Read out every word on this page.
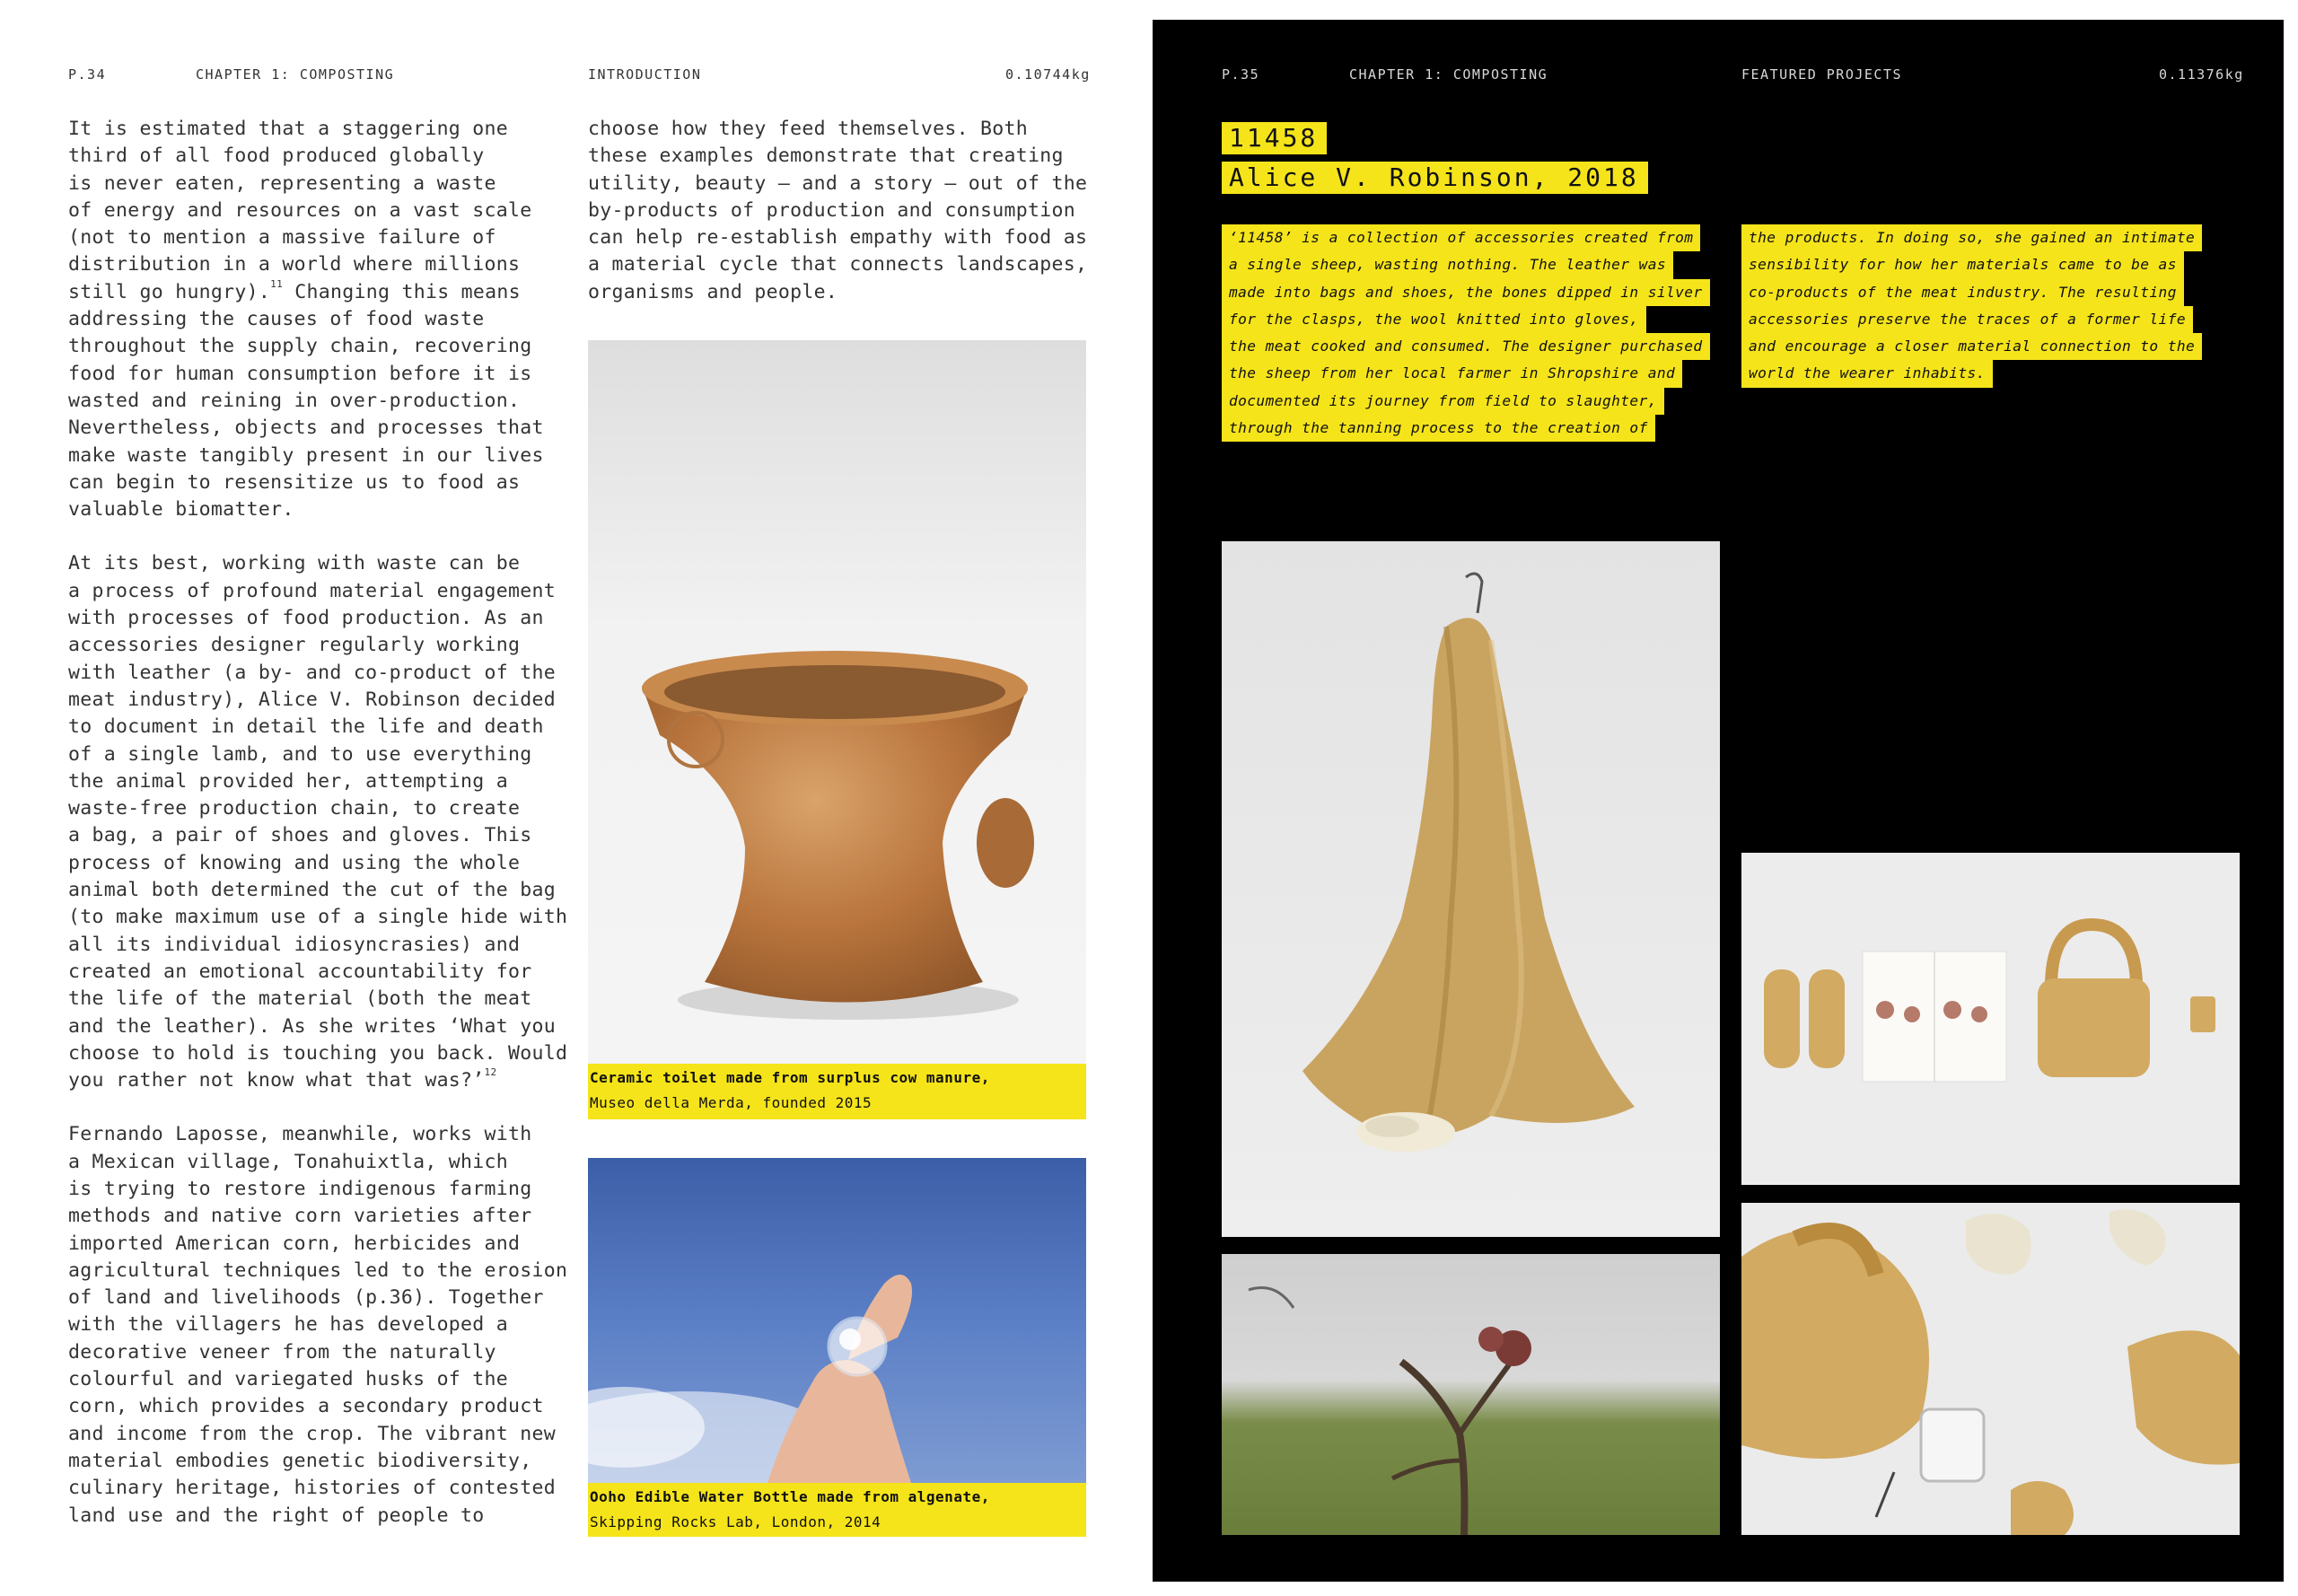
P.34	CHAPTER 1: COMPOSTING	INTRODUCTION	0.10744kg

It is estimated that a staggering one
third of all food produced globally
is never eaten, representing a waste
of energy and resources on a vast scale
(not to mention a massive failure of
distribution in a world where millions
still go hungry).$^{11}$ Changing this means
addressing the causes of food waste
throughout the supply chain, recovering
food for human consumption before it is
wasted and reining in over-production.
Nevertheless, objects and processes that
make waste tangibly present in our lives
can begin to resensitize us to food as
valuable biomatter.

At its best, working with waste can be
a process of profound material engagement
with processes of food production. As an
accessories designer regularly working
with leather (a by- and co-product of the
meat industry), Alice V. Robinson decided
to document in detail the life and death
of a single lamb, and to use everything
the animal provided her, attempting a
waste-free production chain, to create
a bag, a pair of shoes and gloves. This
process of knowing and using the whole
animal both determined the cut of the bag
(to make maximum use of a single hide with
all its individual idiosyncrasies) and
created an emotional accountability for
the life of the material (both the meat
and the leather). As she writes ‘What you
choose to hold is touching you back. Would
you rather not know what that was?’$^{12}$

Fernando Laposse, meanwhile, works with
a Mexican village, Tonahuixtla, which
is trying to restore indigenous farming
methods and native corn varieties after
imported American corn, herbicides and
agricultural techniques led to the erosion
of land and livelihoods (p.36). Together
with the villagers he has developed a
decorative veneer from the naturally
colourful and variegated husks of the
corn, which provides a secondary product
and income from the crop. The vibrant new
material embodies genetic biodiversity,
culinary heritage, histories of contested
land use and the right of people to

choose how they feed themselves. Both
these examples demonstrate that creating
utility, beauty – and a story – out of the
by-products of production and consumption
can help re-establish empathy with food as
a material cycle that connects landscapes,
organisms and people.

Ceramic toilet made from surplus cow manure,
Museo della Merda, founded 2015
Ooho Edible Water Bottle made from algenate,
Skipping Rocks Lab, London, 2014
P.35	CHAPTER 1: COMPOSTING	FEATURED PROJECTS	0.11376kg
11458
Alice V. Robinson, 2018
‘11458’ is a collection of accessories created from
a single sheep, wasting nothing. The leather was
made into bags and shoes, the bones dipped in silver
for the clasps, the wool knitted into gloves,
the meat cooked and consumed. The designer purchased
the sheep from her local farmer in Shropshire and
documented its journey from field to slaughter,
through the tanning process to the creation of
the products. In doing so, she gained an intimate
sensibility for how her materials came to be as
co-products of the meat industry. The resulting
accessories preserve the traces of a former life
and encourage a closer material connection to the
world the wearer inhabits.
